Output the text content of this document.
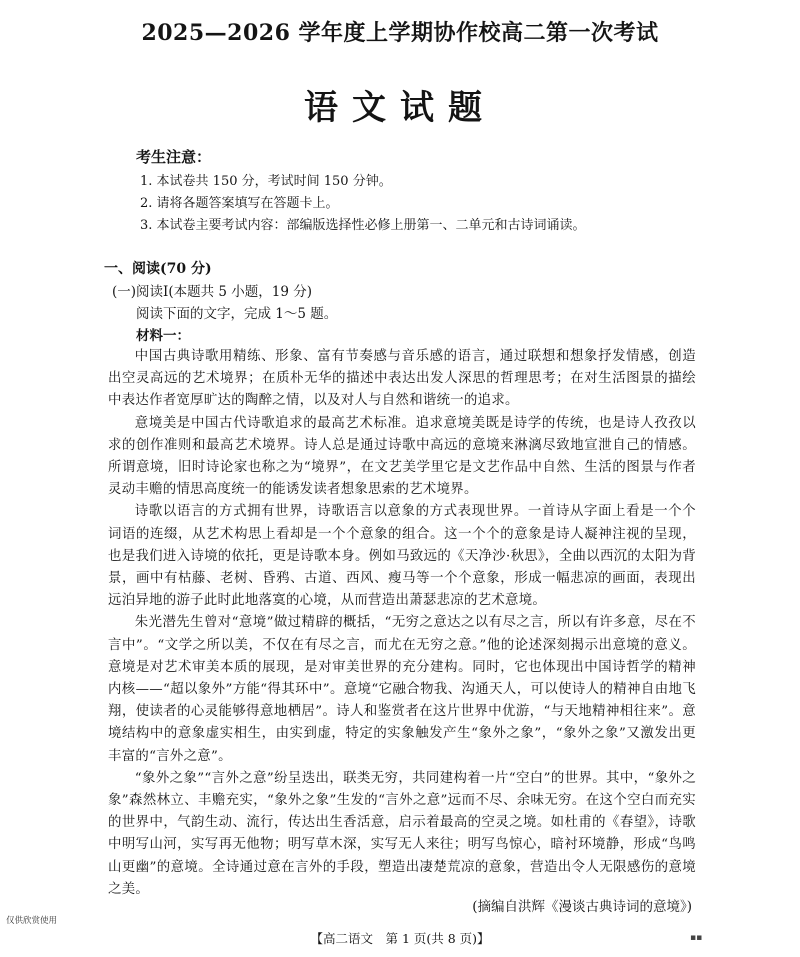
2025—2026 学年度上学期协作校高二第一次考试
语文试题
考生注意：
1. 本试卷共 150 分，考试时间 150 分钟。
2. 请将各题答案填写在答题卡上。
3. 本试卷主要考试内容：部编版选择性必修上册第一、二单元和古诗词诵读。
一、阅读(70 分)
(一)阅读Ⅰ(本题共 5 小题，19 分)
阅读下面的文字，完成 1～5 题。
材料一：

中国古典诗歌用精练、形象、富有节奏感与音乐感的语言，通过联想和想象抒发情感，创造出空灵高远的艺术境界；在质朴无华的描述中表达出发人深思的哲理思考；在对生活图景的描绘中表达作者宽厚旷达的陶醉之情，以及对人与自然和谐统一的追求。

意境美是中国古代诗歌追求的最高艺术标准。追求意境美既是诗学的传统，也是诗人孜孜以求的创作准则和最高艺术境界。诗人总是通过诗歌中高远的意境来淋漓尽致地宣泄自己的情感。所谓意境，旧时诗论家也称之为“境界”，在文艺美学里它是文艺作品中自然、生活的图景与作者灵动丰赡的情思高度统一的能诱发读者想象思索的艺术境界。

诗歌以语言的方式拥有世界，诗歌语言以意象的方式表现世界。一首诗从字面上看是一个个词语的连缀，从艺术构思上看却是一个个意象的组合。这一个个的意象是诗人凝神注视的呈现，也是我们进入诗境的依托，更是诗歌本身。例如马致远的《天净沙·秋思》，全曲以西沉的太阳为背景，画中有枯藤、老树、昏鸦、古道、西风、瘦马等一个个意象，形成一幅悲凉的画面，表现出远泊异地的游子此时此地落寞的心境，从而营造出萧瑟悲凉的艺术意境。

朱光潜先生曾对“意境”做过精辟的概括，“无穷之意达之以有尽之言，所以有许多意，尽在不言中”。“文学之所以美，不仅在有尽之言，而尤在无穷之意。”他的论述深刻揭示出意境的意义。意境是对艺术审美本质的展现，是对审美世界的充分建构。同时，它也体现出中国诗哲学的精神内核——“超以象外”方能“得其环中”。意境“它融合物我、沟通天人，可以使诗人的精神自由地飞翔，使读者的心灵能够得意地栖居”。诗人和鉴赏者在这片世界中优游，“与天地精神相往来”。意境结构中的意象虚实相生，由实到虚，特定的实象触发产生“象外之象”，“象外之象”又激发出更丰富的“言外之意”。

“象外之象”“言外之意”纷呈迭出，联类无穷，共同建构着一片“空白”的世界。其中，“象外之象”森然林立、丰赡充实，“象外之象”生发的“言外之意”远而不尽、余味无穷。在这个空白而充实的世界中，气韵生动、流行，传达出生香活意，启示着最高的空灵之境。如杜甫的《春望》，诗歌中明写山河，实写再无他物；明写草木深，实写无人来往；明写鸟惊心，暗衬环境静，形成“鸟鸣山更幽”的意境。全诗通过意在言外的手段，塑造出凄楚荒凉的意象，营造出令人无限感伤的意境之美。

(摘编自洪辉《漫谈古典诗词的意境》)
仅供欣赏使用
【高二语文　第 1 页(共 8 页)】	▪▪
